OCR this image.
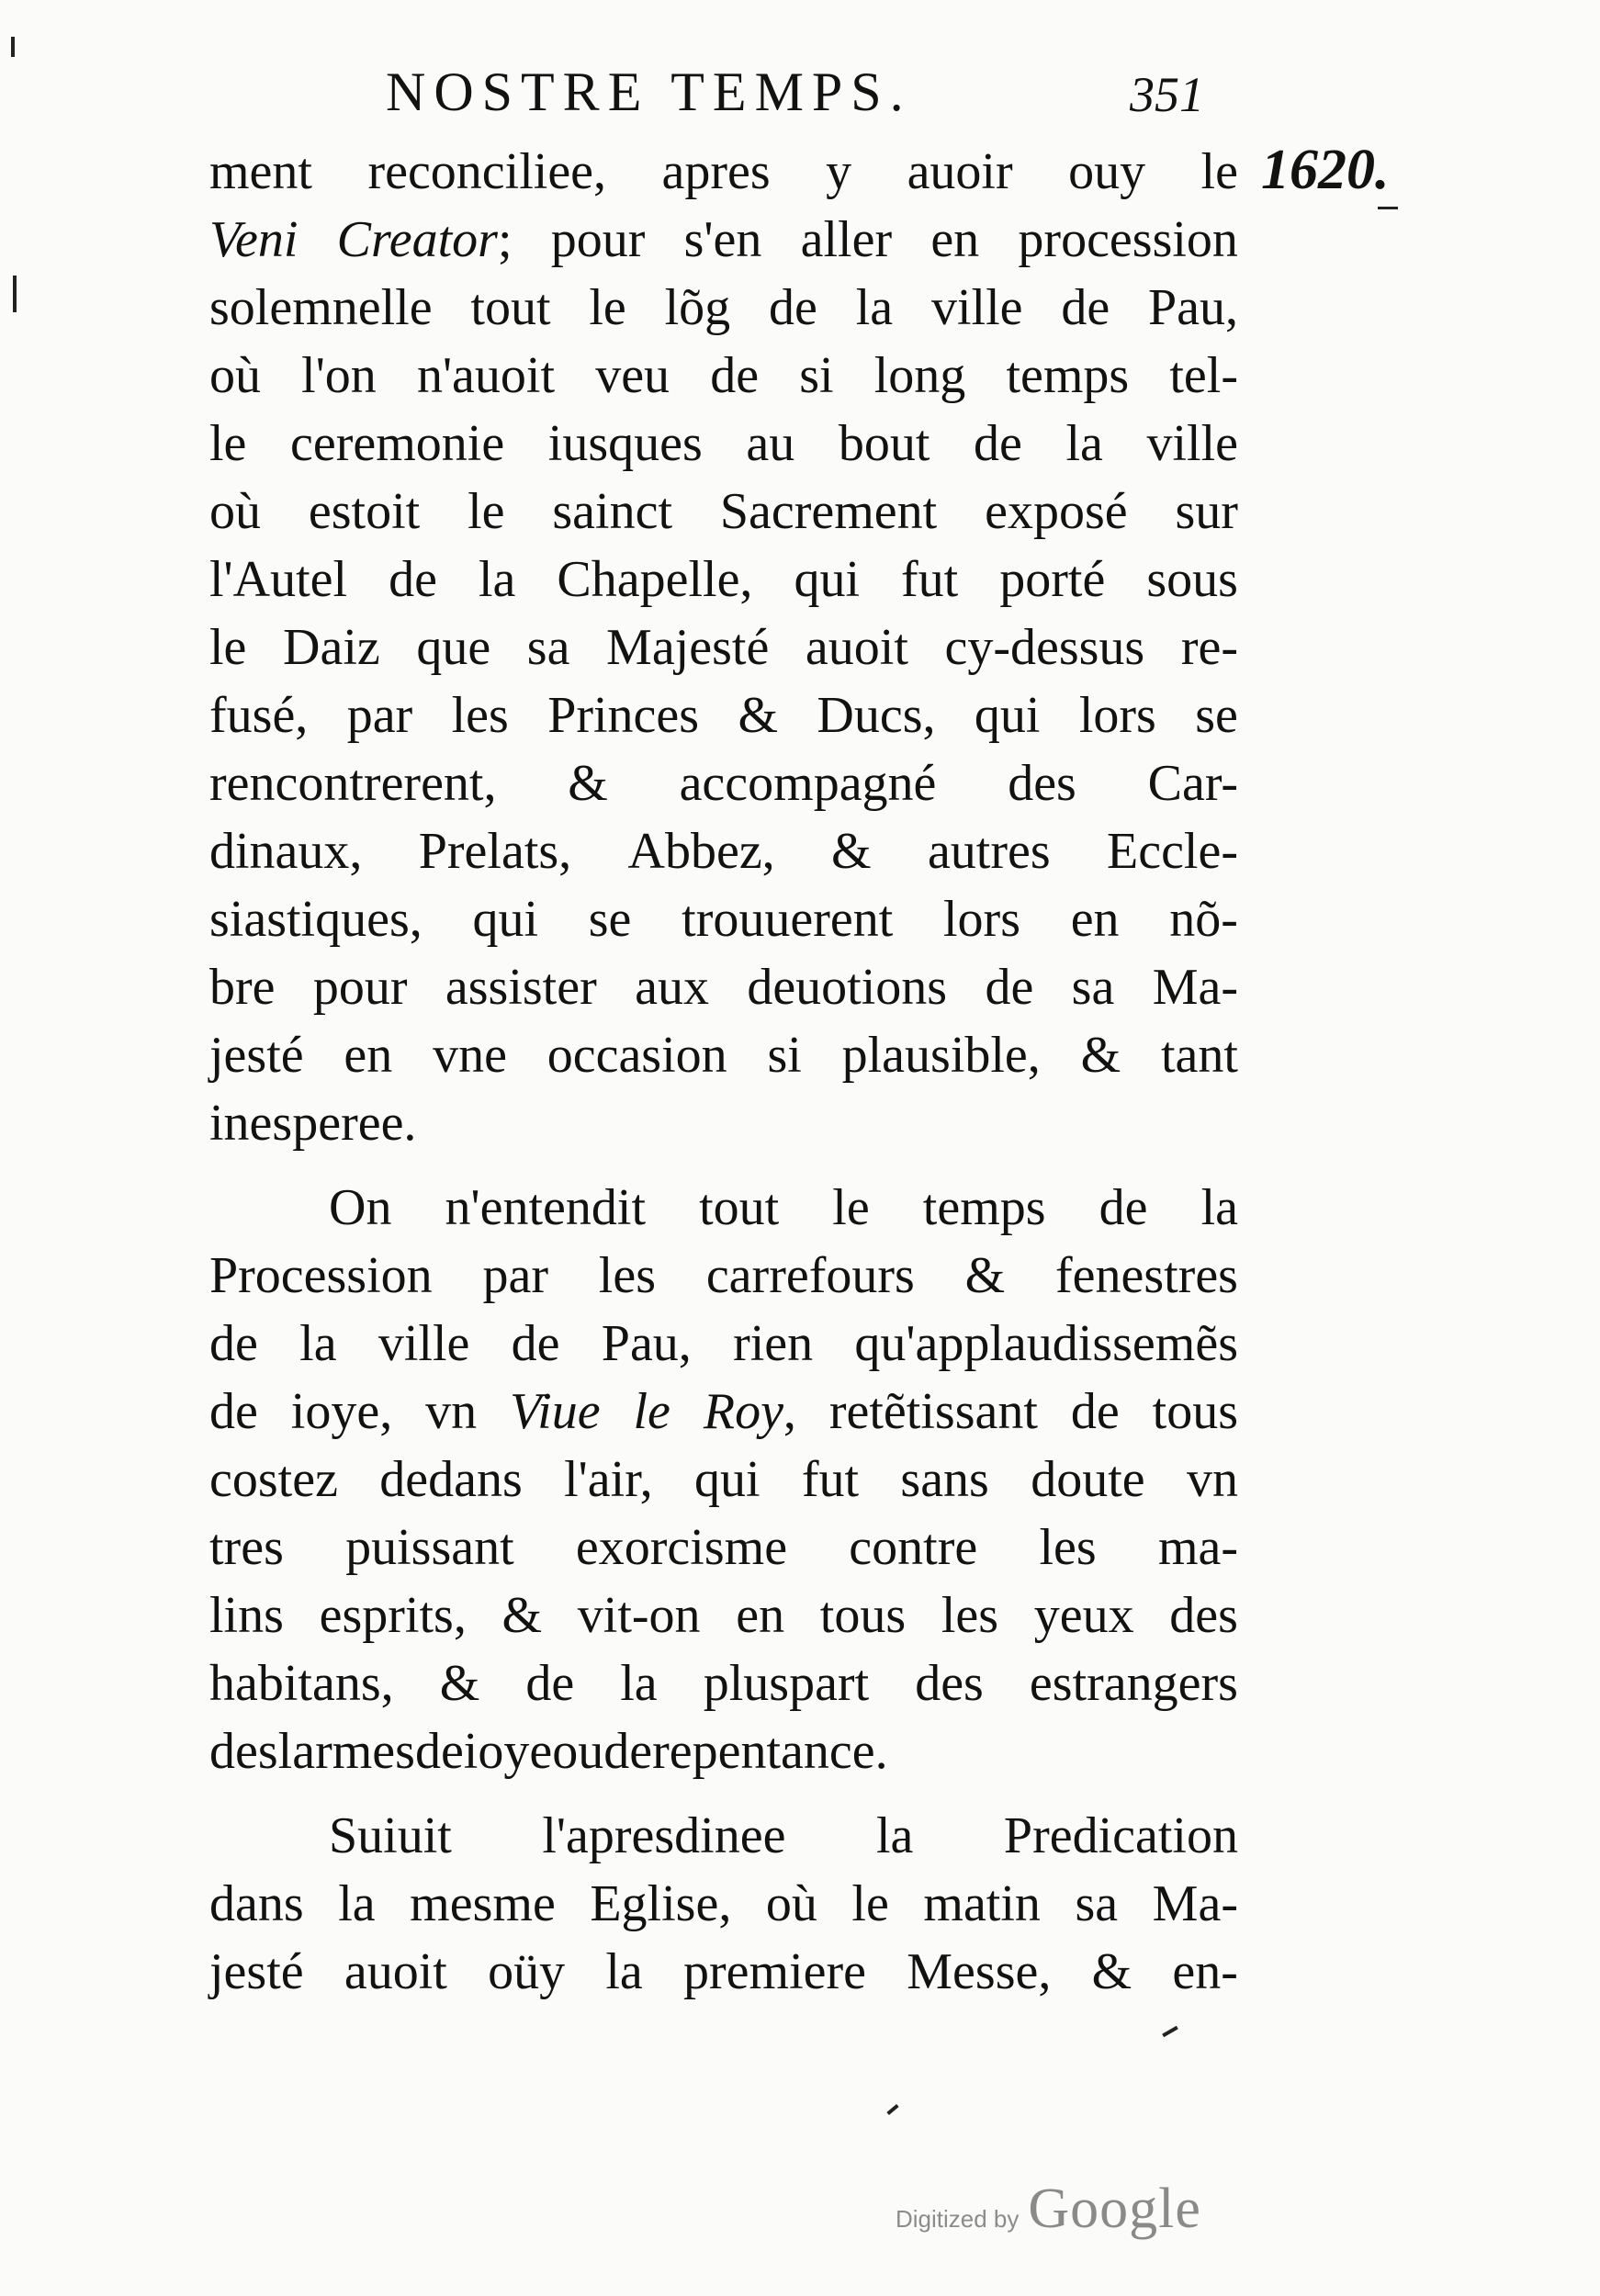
NOSTRE TEMPS.	351
1620.
ment reconciliee, apres y auoir ouy le
Veni Creator; pour s'en aller en procession
solemnelle tout le lõg de la ville de Pau,
où l'on n'auoit veu de si long temps tel-
le ceremonie iusques au bout de la ville
où estoit le sainct Sacrement exposé sur
l'Autel de la Chapelle, qui fut porté sous
le Daiz que sa Majesté auoit cy-dessus re-
fusé, par les Princes & Ducs, qui lors se
rencontrerent, & accompagné des Car-
dinaux, Prelats, Abbez, & autres Eccle-
siastiques, qui se trouuerent lors en nõ-
bre pour assister aux deuotions de sa Ma-
jesté en vne occasion si plausible, & tant
inesperee.
On n'entendit tout le temps de la
Procession par les carrefours & fenestres
de la ville de Pau, rien qu'applaudissemẽs
de ioye, vn Viue le Roy, retẽtissant de tous
costez dedans l'air, qui fut sans doute vn
tres puissant exorcisme contre les ma-
lins esprits, & vit-on en tous les yeux des
habitans, & de la pluspart des estrangers
des larmes de ioye ou de repentance.
Suiuit l'apresdinee la Predication
dans la mesme Eglise, où le matin sa Ma-
jesté auoit oüy la premiere Messe, & en-
Digitized by Google
